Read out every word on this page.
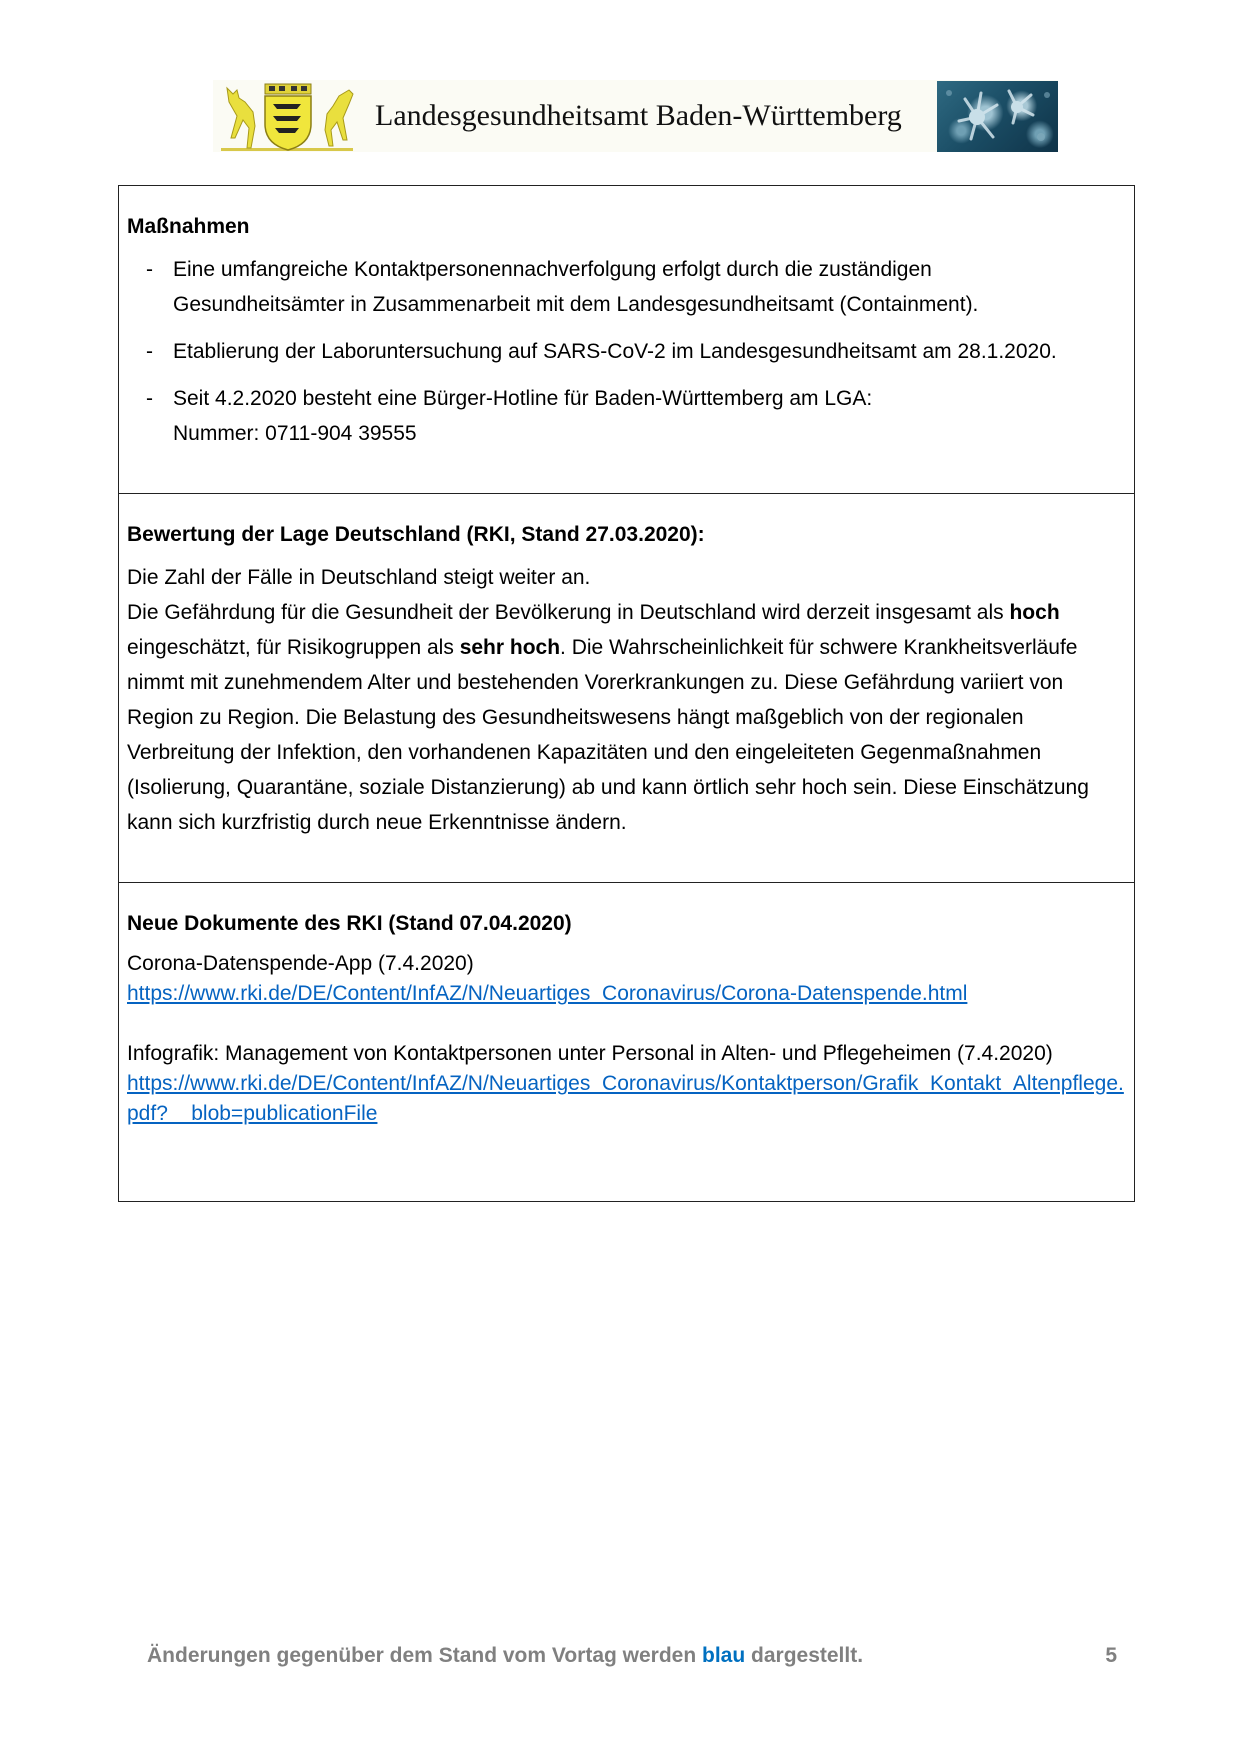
Landesgesundheitsamt Baden-Württemberg
Maßnahmen
- Eine umfangreiche Kontaktpersonennachverfolgung erfolgt durch die zuständigen
Gesundheitsämter in Zusammenarbeit mit dem Landesgesundheitsamt (Containment).
- Etablierung der Laboruntersuchung auf SARS-CoV-2 im Landesgesundheitsamt am 28.1.2020.
- Seit 4.2.2020 besteht eine Bürger-Hotline für Baden-Württemberg am LGA:
Nummer: 0711-904 39555
Bewertung der Lage Deutschland (RKI, Stand 27.03.2020):

Die Zahl der Fälle in Deutschland steigt weiter an.
Die Gefährdung für die Gesundheit der Bevölkerung in Deutschland wird derzeit insgesamt als hoch eingeschätzt, für Risikogruppen als sehr hoch. Die Wahrscheinlichkeit für schwere Krankheitsverläufe nimmt mit zunehmendem Alter und bestehenden Vorerkrankungen zu. Diese Gefährdung variiert von Region zu Region. Die Belastung des Gesundheitswesens hängt maßgeblich von der regionalen Verbreitung der Infektion, den vorhandenen Kapazitäten und den eingeleiteten Gegenmaßnahmen (Isolierung, Quarantäne, soziale Distanzierung) ab und kann örtlich sehr hoch sein. Diese Einschätzung kann sich kurzfristig durch neue Erkenntnisse ändern.

Neue Dokumente des RKI (Stand 07.04.2020)
Corona-Datenspende-App (7.4.2020)
https://www.rki.de/DE/Content/InfAZ/N/Neuartiges_Coronavirus/Corona-Datenspende.html
Infografik: Management von Kontaktpersonen unter Personal in Alten- und Pflegeheimen (7.4.2020)
https://www.rki.de/DE/Content/InfAZ/N/Neuartiges_Coronavirus/Kontaktperson/Grafik_Kontakt_Altenpflege.pdf?__blob=publicationFile
Änderungen gegenüber dem Stand vom Vortag werden blau dargestellt.	5
